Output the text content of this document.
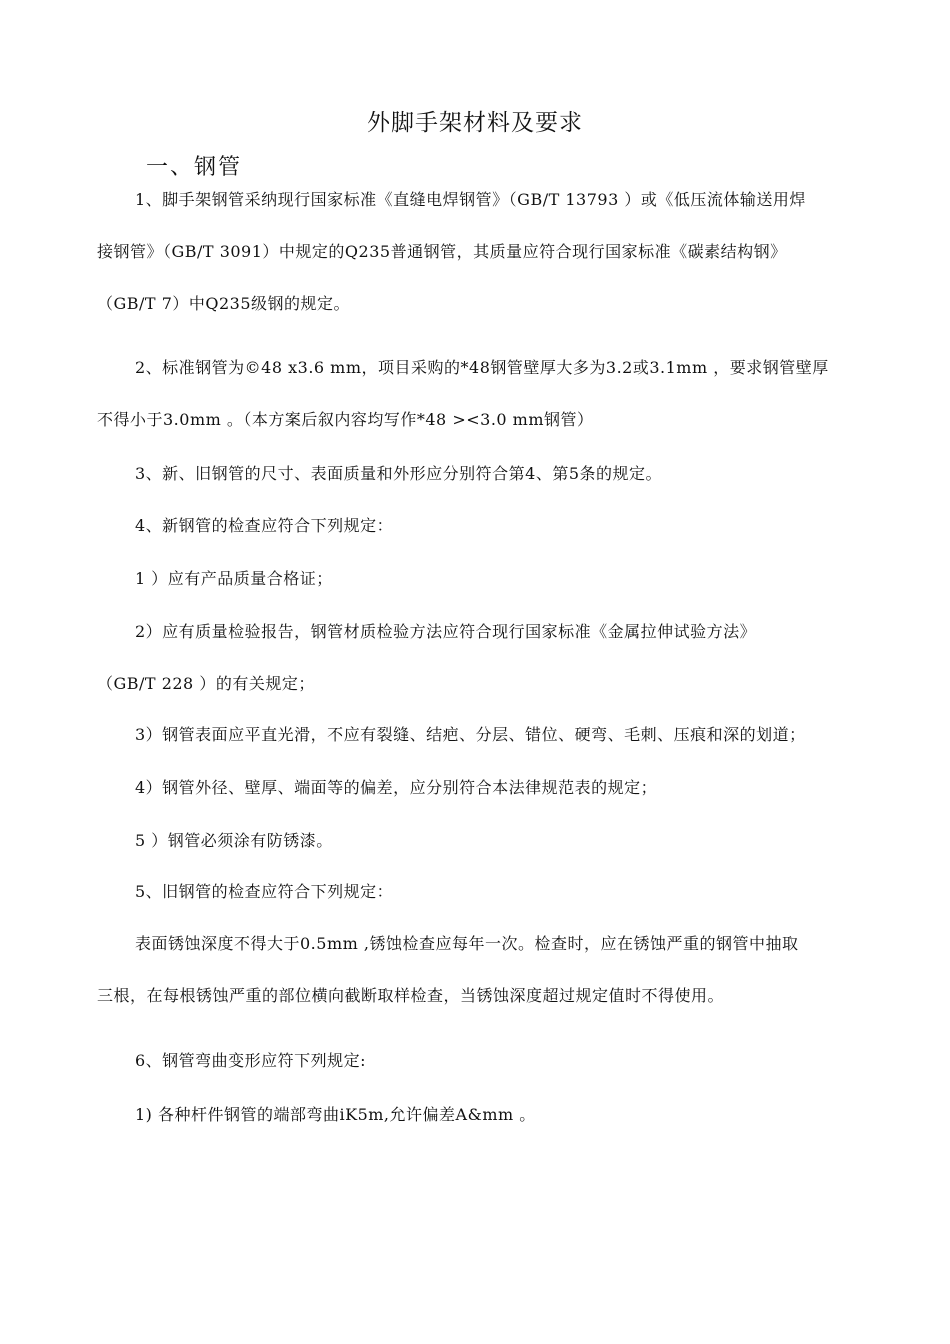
外脚手架材料及要求
一、钢管
1、脚手架钢管采纳现行国家标准《直缝电焊钢管》（GB/T 13793 ）或《低压流体输送用焊
接钢管》（GB/T 3091）中规定的Q235普通钢管，其质量应符合现行国家标准《碳素结构钢》
（GB/T 7）中Q235级钢的规定。
2、标准钢管为©48 x3.6 mm，项目采购的*48钢管壁厚大多为3.2或3.1mm ，要求钢管壁厚
不得小于3.0mm 。（本方案后叙内容均写作*48 ><3.0 mm钢管）
3、新、旧钢管的尺寸、表面质量和外形应分别符合第4、第5条的规定。
4、新钢管的检查应符合下列规定：
1 ）应有产品质量合格证；
2）应有质量检验报告，钢管材质检验方法应符合现行国家标准《金属拉伸试验方法》
（GB/T 228 ）的有关规定；
3）钢管表面应平直光滑，不应有裂缝、结疤、分层、错位、硬弯、毛刺、压痕和深的划道；
4）钢管外径、壁厚、端面等的偏差，应分别符合本法律规范表的规定；
5 ）钢管必须涂有防锈漆。
5、旧钢管的检查应符合下列规定：
表面锈蚀深度不得大于0.5mm ,锈蚀检查应每年一次。检查时，应在锈蚀严重的钢管中抽取
三根，在每根锈蚀严重的部位横向截断取样检查，当锈蚀深度超过规定值时不得使用。
6、钢管弯曲变形应符下列规定:
1) 各种杆件钢管的端部弯曲iK5m,允许偏差A&mm 。
